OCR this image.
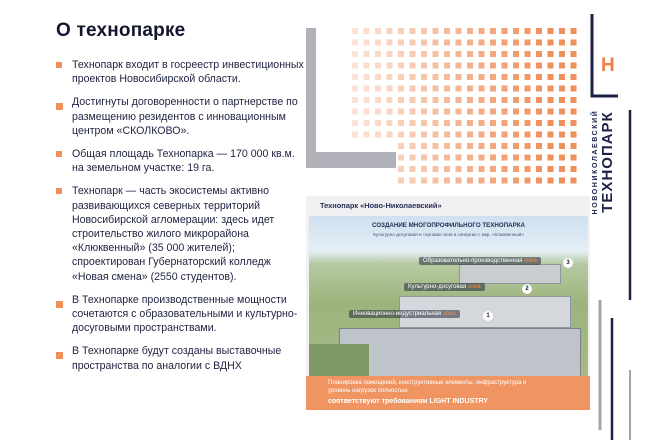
О технопарке
Технопарк входит в госреестр инвестиционных проектов Новосибирской области.
Достигнуты договоренности о партнерстве по размещению резидентов с инновационным центром «СКОЛКОВО».
Общая площадь Технопарка — 170 000 кв.м. на земельном участке: 19 га.
Технопарк — часть экосистемы активно развивающихся северных территорий Новосибирской агломерации: здесь идет строительство жилого микрорайона «Клюквенный» (35 000 жителей); спроектирован Губернаторский колледж «Новая смена» (2550 студентов).
В Технопарке производственные мощности сочетаются с образовательными и культурно-досуговыми пространствами.
В Технопарке будут созданы выставочные пространства по аналогии с ВДНХ
Н
НОВОНИКОЛАЕВСКИЙ ТЕХНОПАРК
Технопарк «Ново-Николаевский»
СОЗДАНИЕ МНОГОПРОФИЛЬНОГО ТЕХНОПАРКА
Культурно-досуговая и торговая зона в синергии с мкр. «Клюквенный»
Образовательно-производственная зона	3
Культурно-досуговая зона	2
Инновационно-индустриальная зона	1
Планировка помещений, конструктивные элементы, инфраструктура и уровень нагрузок полностью
соответствуют требованиям LIGHT INDUSTRY
